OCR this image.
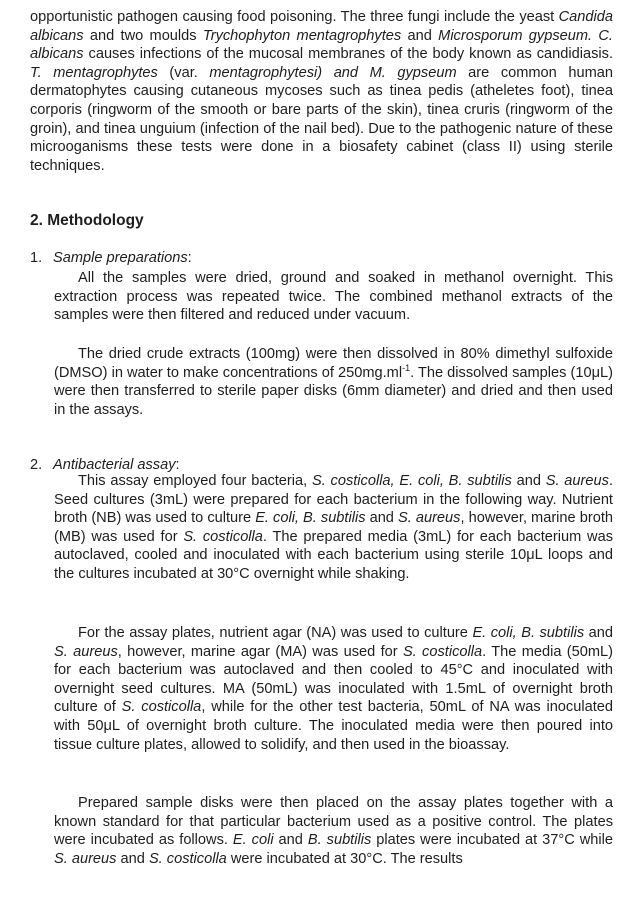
opportunistic pathogen causing food poisoning. The three fungi include the yeast Candida albicans and two moulds Trychophyton mentagrophytes and Microsporum gypseum. C. albicans causes infections of the mucosal membranes of the body known as candidiasis. T. mentagrophytes (var. mentagrophytesi) and M. gypseum are common human dermatophytes causing cutaneous mycoses such as tinea pedis (atheletes foot), tinea corporis (ringworm of the smooth or bare parts of the skin), tinea cruris (ringworm of the groin), and tinea unguium (infection of the nail bed). Due to the pathogenic nature of these microoganisms these tests were done in a biosafety cabinet (class II) using sterile techniques.

2. Methodology

1. Sample preparations:

All the samples were dried, ground and soaked in methanol overnight. This extraction process was repeated twice. The combined methanol extracts of the samples were then filtered and reduced under vacuum.

The dried crude extracts (100mg) were then dissolved in 80% dimethyl sulfoxide (DMSO) in water to make concentrations of $250mg.ml^{-1}$. The dissolved samples (10μL) were then transferred to sterile paper disks (6mm diameter) and dried and then used in the assays.

2. Antibacterial assay:

This assay employed four bacteria, S. costicolla, E. coli, B. subtilis and S. aureus. Seed cultures (3mL) were prepared for each bacterium in the following way. Nutrient broth (NB) was used to culture E. coli, B. subtilis and S. aureus, however, marine broth (MB) was used for S. costicolla. The prepared media (3mL) for each bacterium was autoclaved, cooled and inoculated with each bacterium using sterile 10μL loops and the cultures incubated at 30°C overnight while shaking.

For the assay plates, nutrient agar (NA) was used to culture E. coli, B. subtilis and S. aureus, however, marine agar (MA) was used for S. costicolla. The media (50mL) for each bacterium was autoclaved and then cooled to 45°C and inoculated with overnight seed cultures. MA (50mL) was inoculated with 1.5mL of overnight broth culture of S. costicolla, while for the other test bacteria, 50mL of NA was inoculated with 50μL of overnight broth culture. The inoculated media were then poured into tissue culture plates, allowed to solidify, and then used in the bioassay.

Prepared sample disks were then placed on the assay plates together with a known standard for that particular bacterium used as a positive control. The plates were incubated as follows. E. coli and B. subtilis plates were incubated at 37°C while S. aureus and S. costicolla were incubated at 30°C. The results
